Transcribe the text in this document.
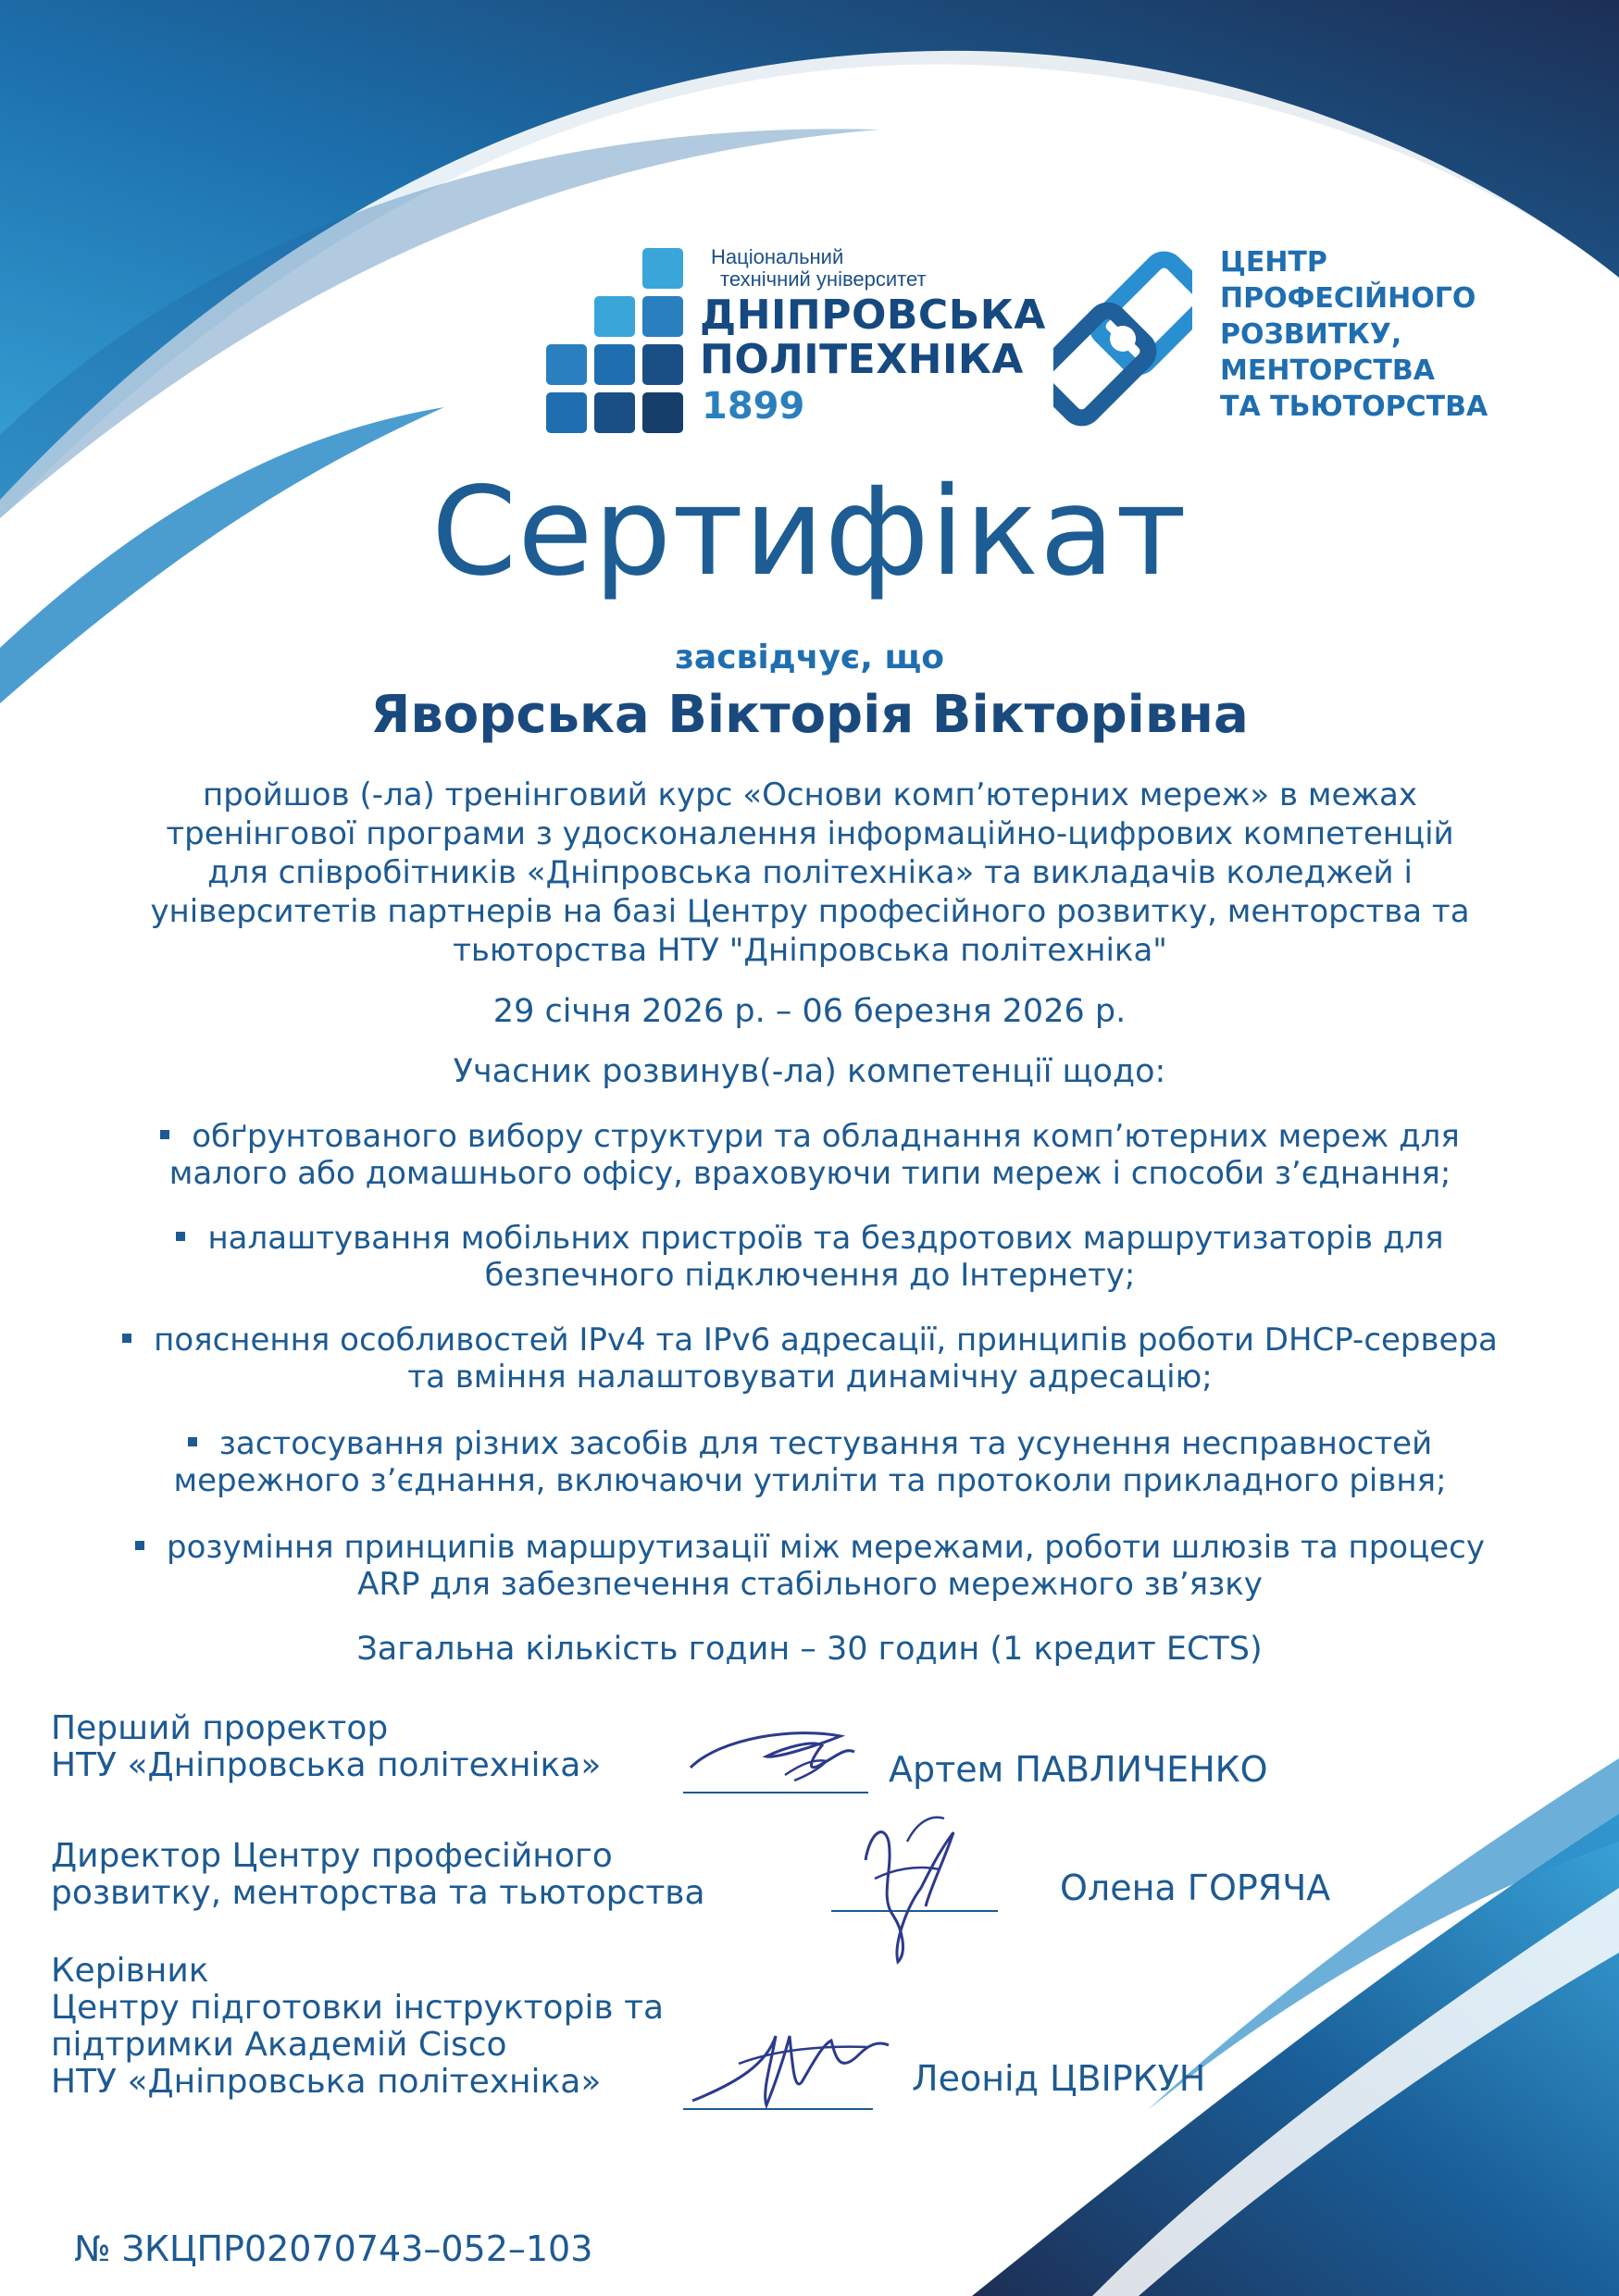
Національний
технічний університет
ДНІПРОВСЬКА
ПОЛІТЕХНІКА
1899
ЦЕНТР
ПРОФЕСІЙНОГО
РОЗВИТКУ,
МЕНТОРСТВА
ТА ТЬЮТОРСТВА
Сертифікат
засвідчує, що
Яворська Вікторія Вікторівна
пройшов (-ла) тренінговий курс «Основи комп’ютерних мереж» в межах
тренінгової програми з удосконалення інформаційно-цифрових компетенцій
для співробітників «Дніпровська політехніка» та викладачів коледжей і
університетів партнерів на базі Центру професійного розвитку, менторства та
тьюторства НТУ "Дніпровська політехніка"
29 січня 2026 р. – 06 березня 2026 р.
Учасник розвинув(-ла) компетенції щодо:
обґрунтованого вибору структури та обладнання комп’ютерних мереж для
малого або домашнього офісу, враховуючи типи мереж і способи з’єднання;
налаштування мобільних пристроїв та бездротових маршрутизаторів для
безпечного підключення до Інтернету;
пояснення особливостей IPv4 та IPv6 адресації, принципів роботи DHCP-сервера
та вміння налаштовувати динамічну адресацію;
застосування різних засобів для тестування та усунення несправностей
мережного з’єднання, включаючи утиліти та протоколи прикладного рівня;
розуміння принципів маршрутизації між мережами, роботи шлюзів та процесу
ARP для забезпечення стабільного мережного зв’язку
Загальна кількість годин – 30 годин (1 кредит ECTS)
Перший проректор
НТУ «Дніпровська політехніка»	Артем ПАВЛИЧЕНКО
Директор Центру професійного
розвитку, менторства та тьюторства	Олена ГОРЯЧА
Керівник
Центру підготовки інструкторів та
підтримки Академій Cisco
НТУ «Дніпровська політехніка»	Леонід ЦВІРКУН
№ ЗКЦПР02070743–052–103
